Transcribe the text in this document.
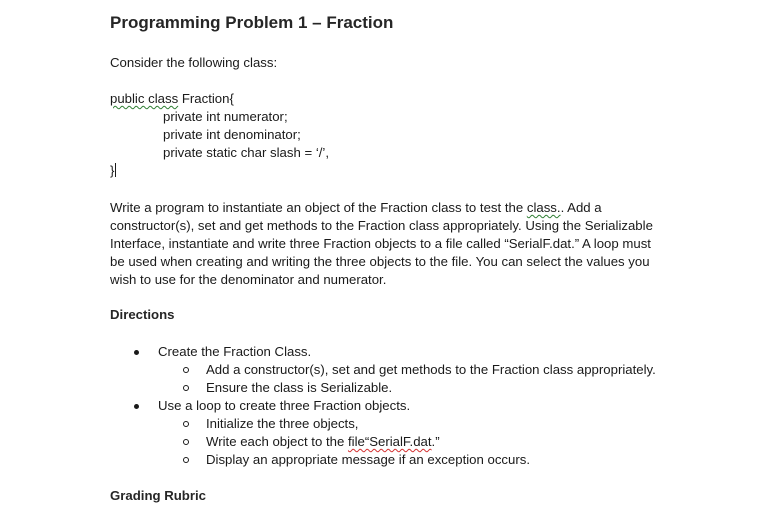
Programming Problem 1 – Fraction
Consider the following class:
public class Fraction{
private int numerator;
private int denominator;
private static char slash = ‘/’,
}
Write a program to instantiate an object of the Fraction class to test the class.. Add a
constructor(s), set and get methods to the Fraction class appropriately. Using the Serializable
Interface, instantiate and write three Fraction objects to a file called “SerialF.dat.” A loop must
be used when creating and writing the three objects to the file. You can select the values you
wish to use for the denominator and numerator.
Directions
Create the Fraction Class.
Add a constructor(s), set and get methods to the Fraction class appropriately.
Ensure the class is Serializable.
Use a loop to create three Fraction objects.
Initialize the three objects,
Write each object to the file“SerialF.dat.”
Display an appropriate message if an exception occurs.
Grading Rubric
